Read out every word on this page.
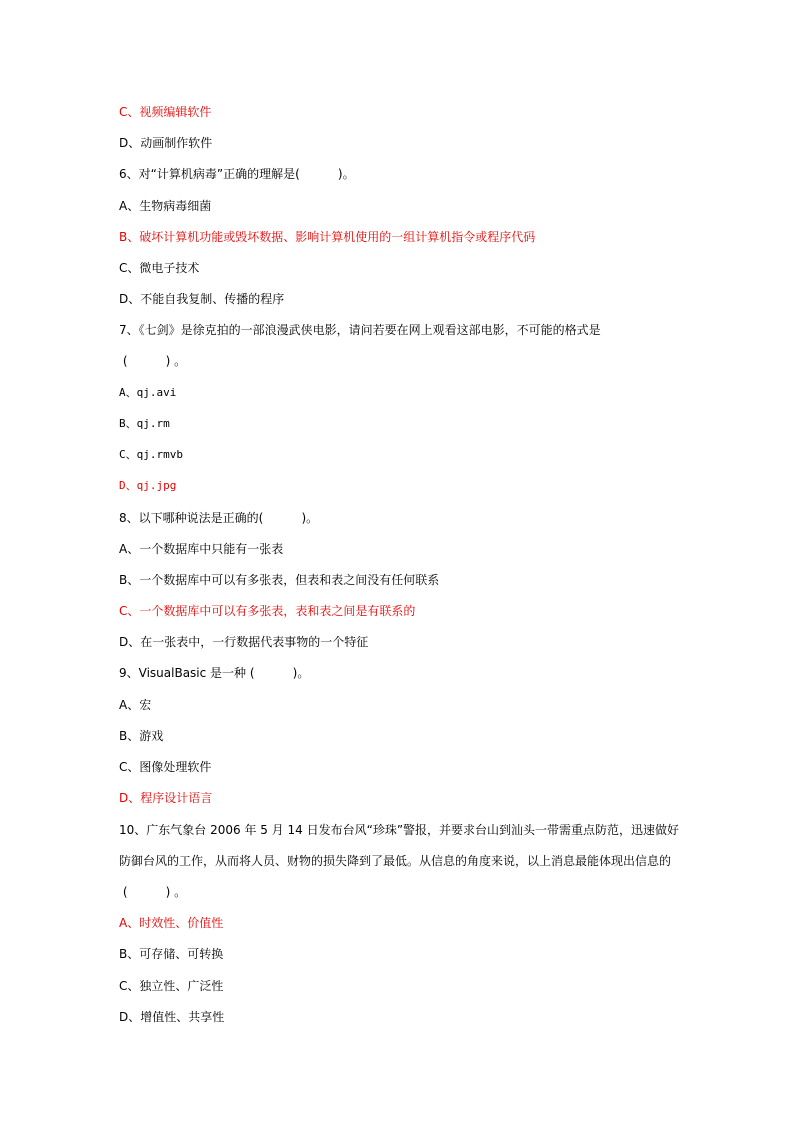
C、视频编辑软件
D、动画制作软件
6、对“计算机病毒”正确的理解是(          )。
A、生物病毒细菌
B、破坏计算机功能或毁坏数据、影响计算机使用的一组计算机指令或程序代码
C、微电子技术
D、不能自我复制、传播的程序
7、《七剑》是徐克拍的一部浪漫武侠电影，请问若要在网上观看这部电影，不可能的格式是
(          ) 。
A、qj.avi
B、qj.rm
C、qj.rmvb
D、qj.jpg
8、以下哪种说法是正确的(          )。
A、一个数据库中只能有一张表
B、一个数据库中可以有多张表，但表和表之间没有任何联系
C、一个数据库中可以有多张表，表和表之间是有联系的
D、在一张表中，一行数据代表事物的一个特征
9、VisualBasic 是一种 (          )。
A、宏
B、游戏
C、图像处理软件
D、程序设计语言
10、广东气象台 2006 年 5 月 14 日发布台风“珍珠”警报，并要求台山到汕头一带需重点防范，迅速做好
防御台风的工作，从而将人员、财物的损失降到了最低。从信息的角度来说，以上消息最能体现出信息的
(          ) 。
A、时效性、价值性
B、可存储、可转换
C、独立性、广泛性
D、增值性、共享性
